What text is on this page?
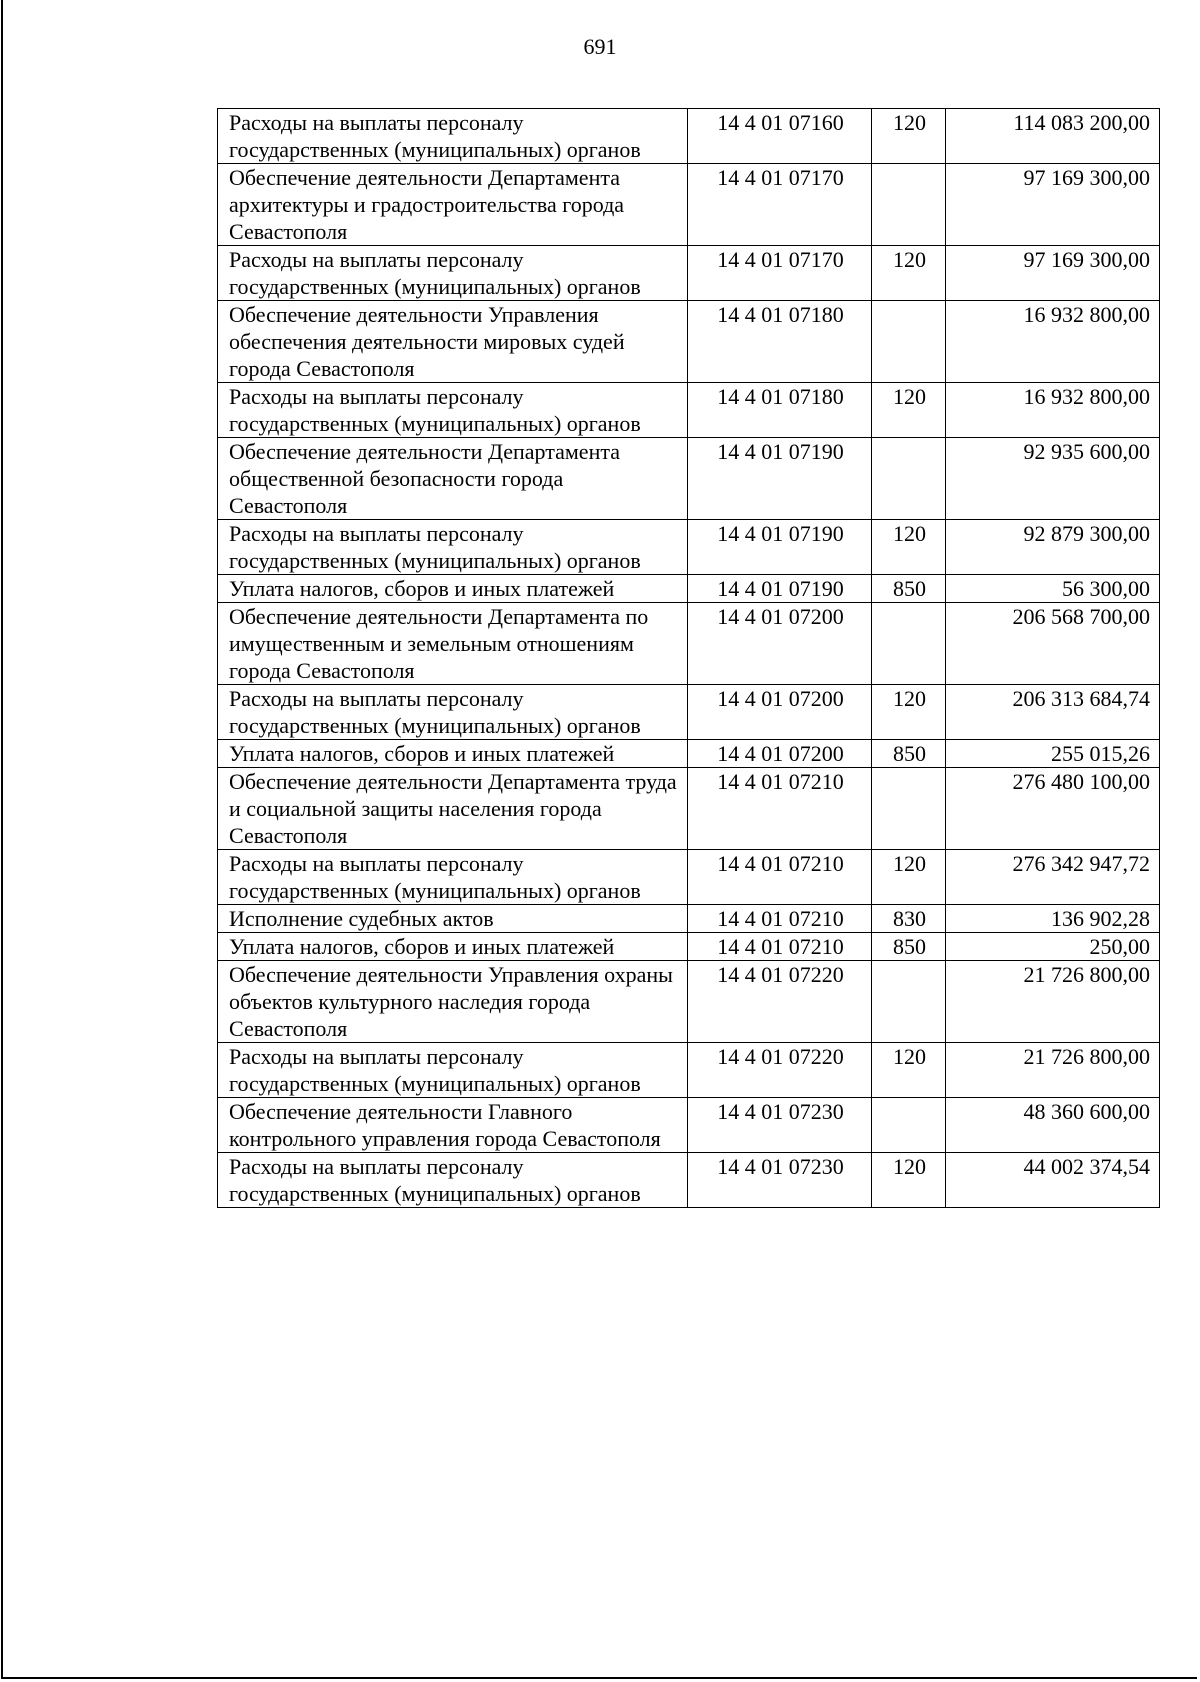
691
Расходы на выплаты персоналу государственных (муниципальных) органов	14 4 01 07160	120	114 083 200,00
Обеспечение деятельности Департамента архитектуры и градостроительства города Севастополя	14 4 01 07170		97 169 300,00
Расходы на выплаты персоналу государственных (муниципальных) органов	14 4 01 07170	120	97 169 300,00
Обеспечение деятельности Управления обеспечения деятельности мировых судей города Севастополя	14 4 01 07180		16 932 800,00
Расходы на выплаты персоналу государственных (муниципальных) органов	14 4 01 07180	120	16 932 800,00
Обеспечение деятельности Департамента общественной безопасности города Севастополя	14 4 01 07190		92 935 600,00
Расходы на выплаты персоналу государственных (муниципальных) органов	14 4 01 07190	120	92 879 300,00
Уплата налогов, сборов и иных платежей	14 4 01 07190	850	56 300,00
Обеспечение деятельности Департамента по имущественным и земельным отношениям города Севастополя	14 4 01 07200		206 568 700,00
Расходы на выплаты персоналу государственных (муниципальных) органов	14 4 01 07200	120	206 313 684,74
Уплата налогов, сборов и иных платежей	14 4 01 07200	850	255 015,26
Обеспечение деятельности Департамента труда и социальной защиты населения города Севастополя	14 4 01 07210		276 480 100,00
Расходы на выплаты персоналу государственных (муниципальных) органов	14 4 01 07210	120	276 342 947,72
Исполнение судебных актов	14 4 01 07210	830	136 902,28
Уплата налогов, сборов и иных платежей	14 4 01 07210	850	250,00
Обеспечение деятельности Управления охраны объектов культурного наследия города Севастополя	14 4 01 07220		21 726 800,00
Расходы на выплаты персоналу государственных (муниципальных) органов	14 4 01 07220	120	21 726 800,00
Обеспечение деятельности Главного контрольного управления города Севастополя	14 4 01 07230		48 360 600,00
Расходы на выплаты персоналу государственных (муниципальных) органов	14 4 01 07230	120	44 002 374,54
